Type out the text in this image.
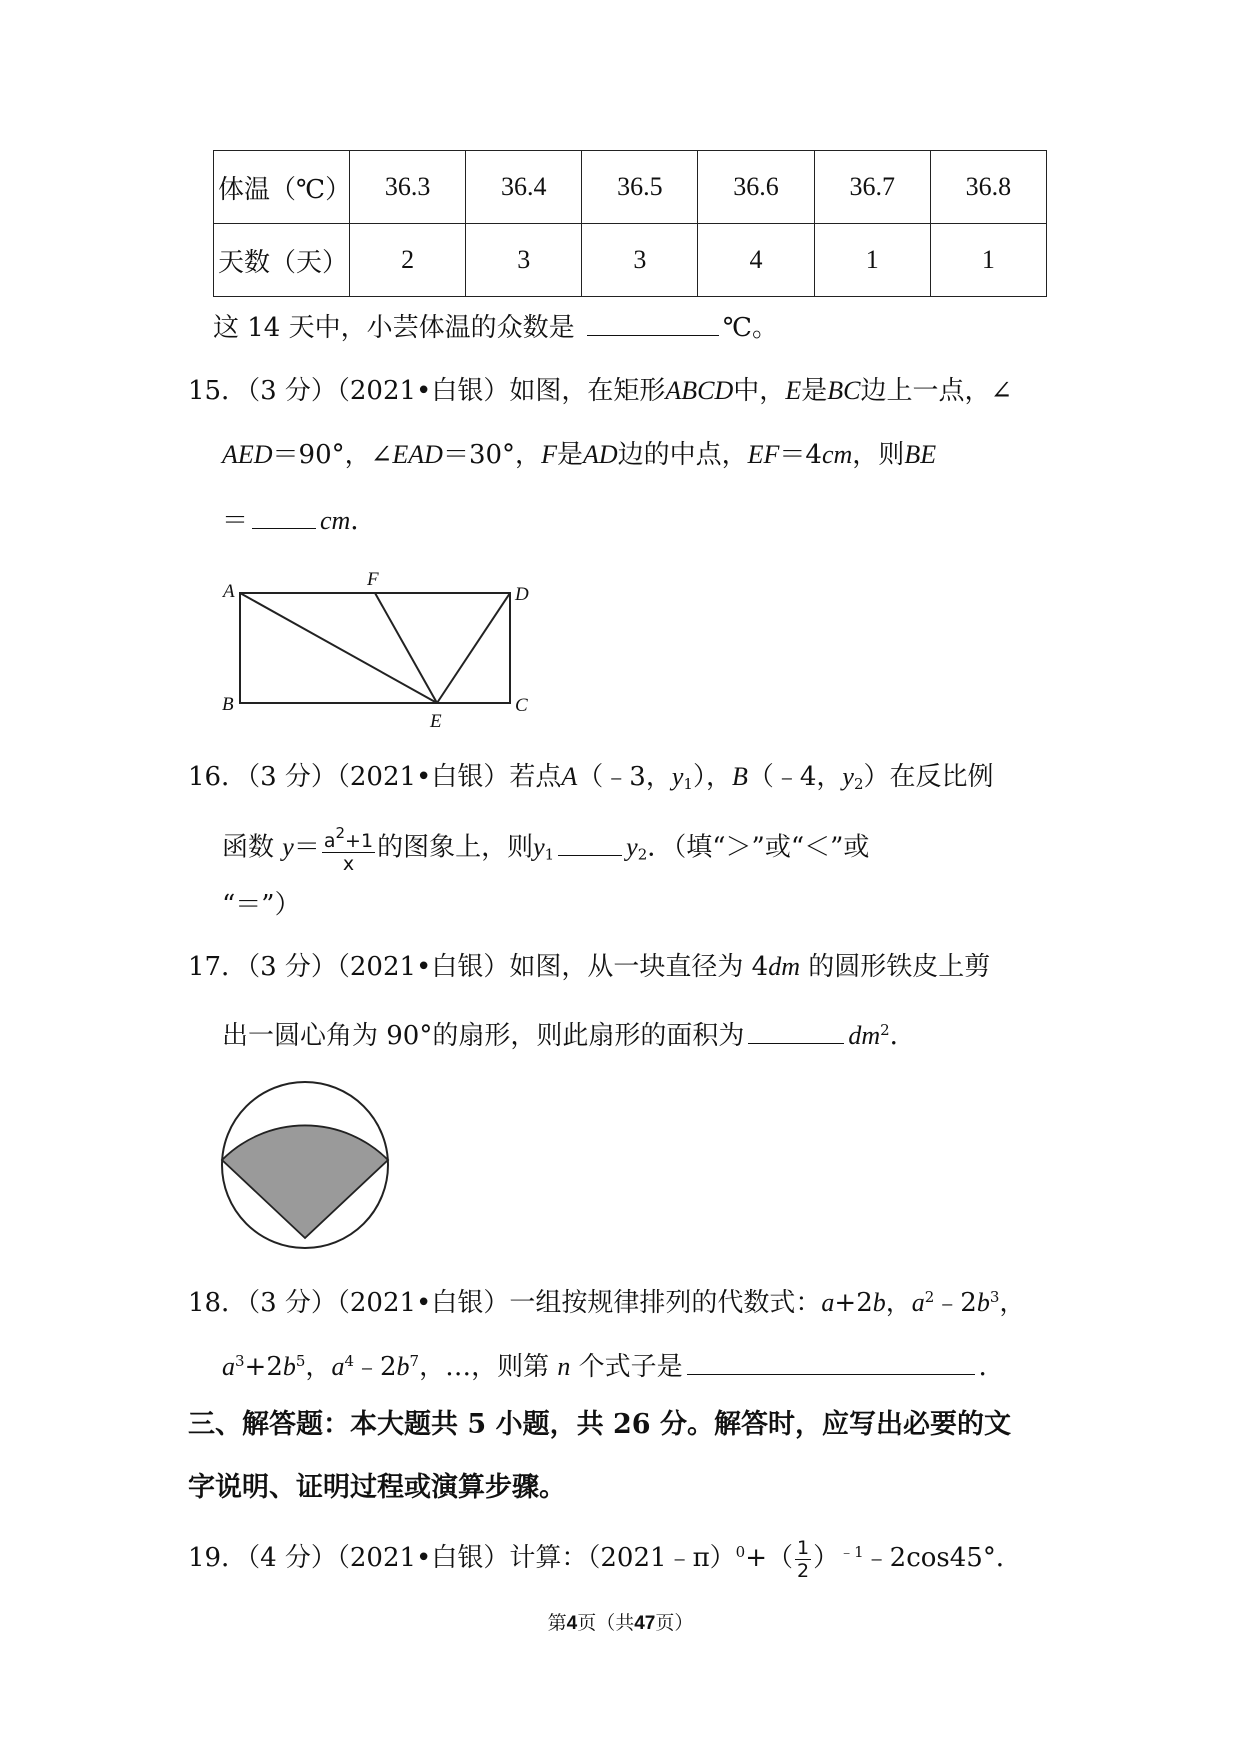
体温（℃）	36.3	36.4	36.5	36.6	36.7	36.8
天数（天）	2	3	3	4	1	1
这 14 天中，小芸体温的众数是	℃。
15．（3 分）（2021•白银）如图，在矩形ABCD中，E是BC边上一点，∠
AED＝90°，∠EAD＝30°，F是AD边的中点，EF＝4cm，则BE
＝	cm．
A
B	C
D
E
F
16．（3 分）（2021•白银）若点A（﹣3，$y_1$），B（﹣4，$y_2$）在反比例
函数 $y= \frac{a^2+1}{x}$ 的图象上，则$y_1$	$y_2$．（填“＞”或“＜”或
“＝”）
17．（3 分）（2021•白银）如图，从一块直径为 4dm 的圆形铁皮上剪
出一圆心角为 90°的扇形，则此扇形的面积为	$dm^2$．
18．（3 分）（2021•白银）一组按规律排列的代数式：a+2b，$a^2﹣2b^3$，
$a^3+2b^5$，$a^4﹣2b^7$，…，则第 n 个式子是	．
三、解答题：本大题共 5 小题，共 26 分。解答时，应写出必要的文
字说明、证明过程或演算步骤。
19．（4 分）（2021•白银）计算：（2021﹣π）$^0$+（ $\frac{1}{2}$ ）$^{﹣1}$﹣2cos45°．
第4页（共47页）
